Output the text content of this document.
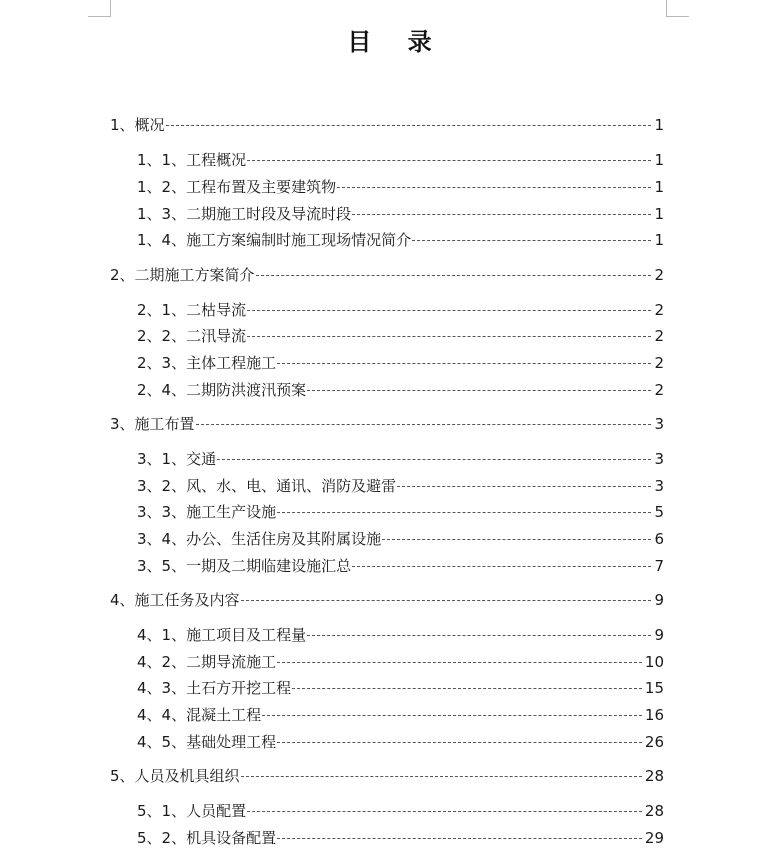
目 录
1、概况	1
1、1、工程概况	1
1、2、工程布置及主要建筑物	1
1、3、二期施工时段及导流时段	1
1、4、施工方案编制时施工现场情况简介	1
2、二期施工方案简介	2
2、1、二枯导流	2
2、2、二汛导流	2
2、3、主体工程施工	2
2、4、二期防洪渡汛预案	2
3、施工布置	3
3、1、交通	3
3、2、风、水、电、通讯、消防及避雷	3
3、3、施工生产设施	5
3、4、办公、生活住房及其附属设施	6
3、5、一期及二期临建设施汇总	7
4、施工任务及内容	9
4、1、施工项目及工程量	9
4、2、二期导流施工	10
4、3、土石方开挖工程	15
4、4、混凝土工程	16
4、5、基础处理工程	26
5、人员及机具组织	28
5、1、人员配置	28
5、2、机具设备配置	29
